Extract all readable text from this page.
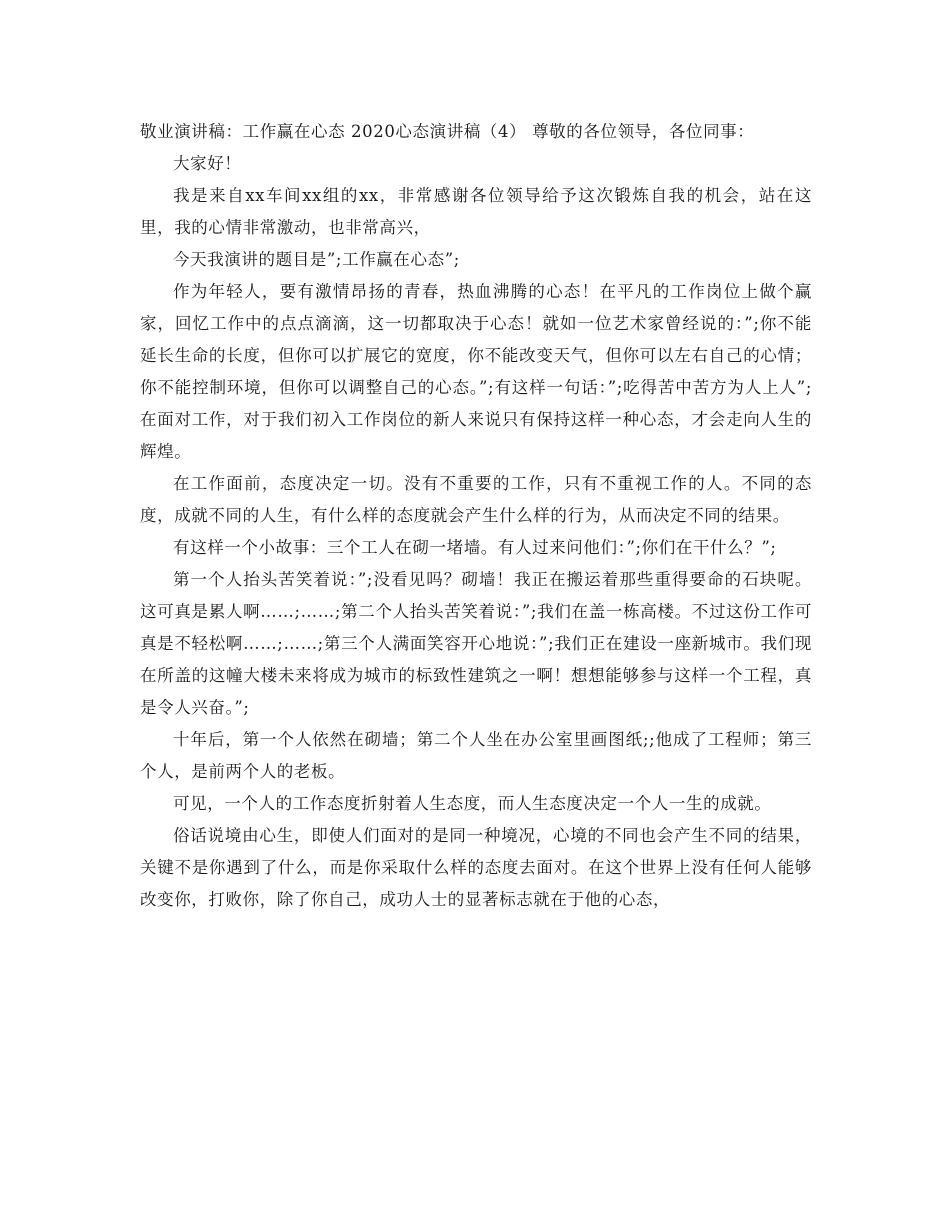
敬业演讲稿：工作赢在心态 2020心态演讲稿（4） 尊敬的各位领导，各位同事：

大家好！

我是来自xx车间xx组的xx，非常感谢各位领导给予这次锻炼自我的机会，站在这里，我的心情非常激动，也非常高兴，

今天我演讲的题目是”;工作赢在心态”;

作为年轻人，要有激情昂扬的青春，热血沸腾的心态！在平凡的工作岗位上做个赢家，回忆工作中的点点滴滴，这一切都取决于心态！就如一位艺术家曾经说的：”;你不能延长生命的长度，但你可以扩展它的宽度，你不能改变天气，但你可以左右自己的心情；你不能控制环境，但你可以调整自己的心态。”;有这样一句话：”;吃得苦中苦方为人上人”;在面对工作，对于我们初入工作岗位的新人来说只有保持这样一种心态，才会走向人生的辉煌。

在工作面前，态度决定一切。没有不重要的工作，只有不重视工作的人。不同的态度，成就不同的人生，有什么样的态度就会产生什么样的行为，从而决定不同的结果。

有这样一个小故事：三个工人在砌一堵墙。有人过来问他们：”;你们在干什么？”;

第一个人抬头苦笑着说：”;没看见吗？砌墙！我正在搬运着那些重得要命的石块呢。这可真是累人啊……;……;第二个人抬头苦笑着说：”;我们在盖一栋高楼。不过这份工作可真是不轻松啊……;……;第三个人满面笑容开心地说：”;我们正在建设一座新城市。我们现在所盖的这幢大楼未来将成为城市的标致性建筑之一啊！想想能够参与这样一个工程，真是令人兴奋。”;

十年后，第一个人依然在砌墙；第二个人坐在办公室里画图纸;;他成了工程师；第三个人，是前两个人的老板。

可见，一个人的工作态度折射着人生态度，而人生态度决定一个人一生的成就。

俗话说境由心生，即使人们面对的是同一种境况，心境的不同也会产生不同的结果，关键不是你遇到了什么，而是你采取什么样的态度去面对。在这个世界上没有任何人能够改变你，打败你，除了你自己，成功人士的显著标志就在于他的心态，
